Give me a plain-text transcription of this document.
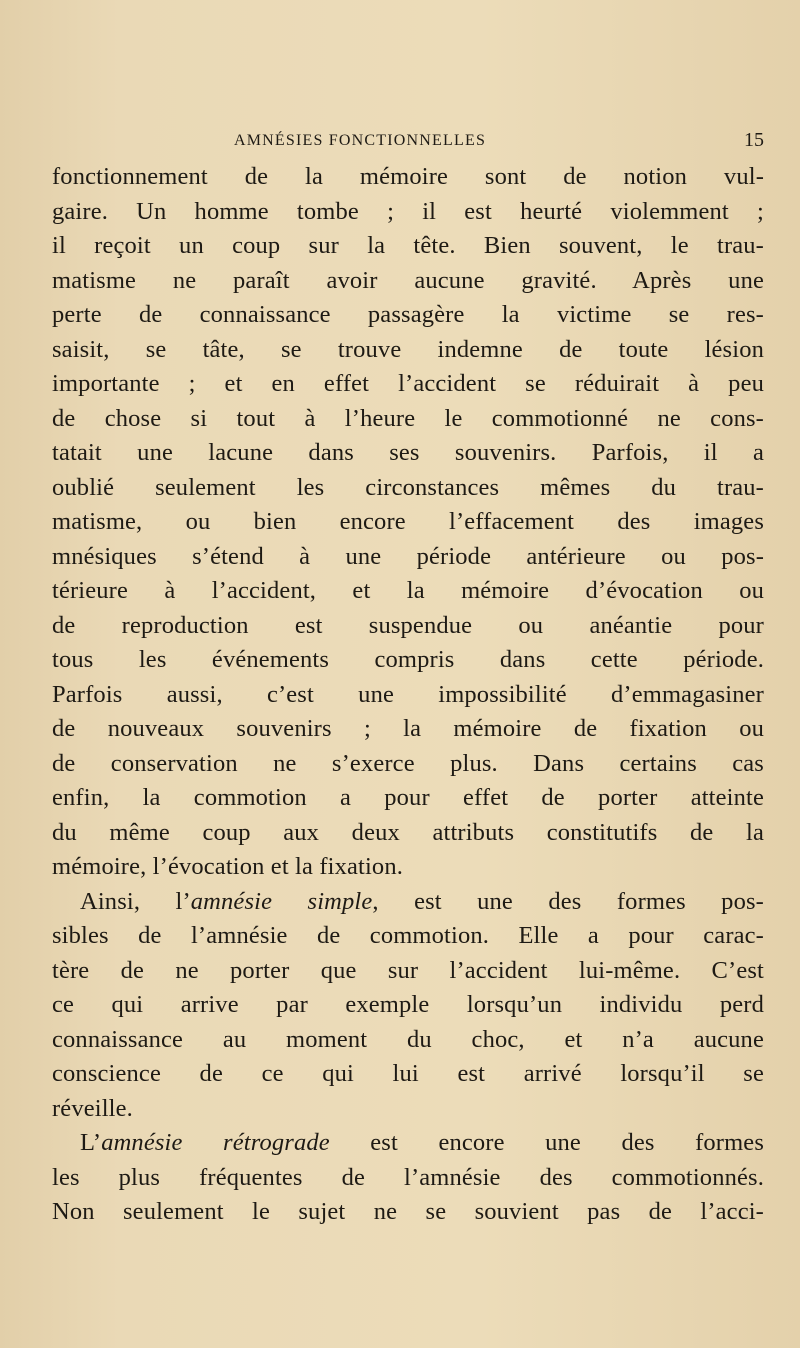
AMNÉSIES FONCTIONNELLES	15
fonctionnement de la mémoire sont de notion vul-
gaire. Un homme tombe ; il est heurté violemment ;
il reçoit un coup sur la tête. Bien souvent, le trau-
matisme ne paraît avoir aucune gravité. Après une
perte de connaissance passagère la victime se res-
saisit, se tâte, se trouve indemne de toute lésion
importante ; et en effet l’accident se réduirait à peu
de chose si tout à l’heure le commotionné ne cons-
tatait une lacune dans ses souvenirs. Parfois, il a
oublié seulement les circonstances mêmes du trau-
matisme, ou bien encore l’effacement des images
mnésiques s’étend à une période antérieure ou pos-
térieure à l’accident, et la mémoire d’évocation ou
de reproduction est suspendue ou anéantie pour
tous les événements compris dans cette période.
Parfois aussi, c’est une impossibilité d’emmagasiner
de nouveaux souvenirs ; la mémoire de fixation ou
de conservation ne s’exerce plus. Dans certains cas
enfin, la commotion a pour effet de porter atteinte
du même coup aux deux attributs constitutifs de la
mémoire, l’évocation et la fixation.
Ainsi, l’amnésie simple, est une des formes pos-
sibles de l’amnésie de commotion. Elle a pour carac-
tère de ne porter que sur l’accident lui-même. C’est
ce qui arrive par exemple lorsqu’un individu perd
connaissance au moment du choc, et n’a aucune
conscience de ce qui lui est arrivé lorsqu’il se
réveille.
L’amnésie rétrograde est encore une des formes
les plus fréquentes de l’amnésie des commotionnés.
Non seulement le sujet ne se souvient pas de l’acci-
